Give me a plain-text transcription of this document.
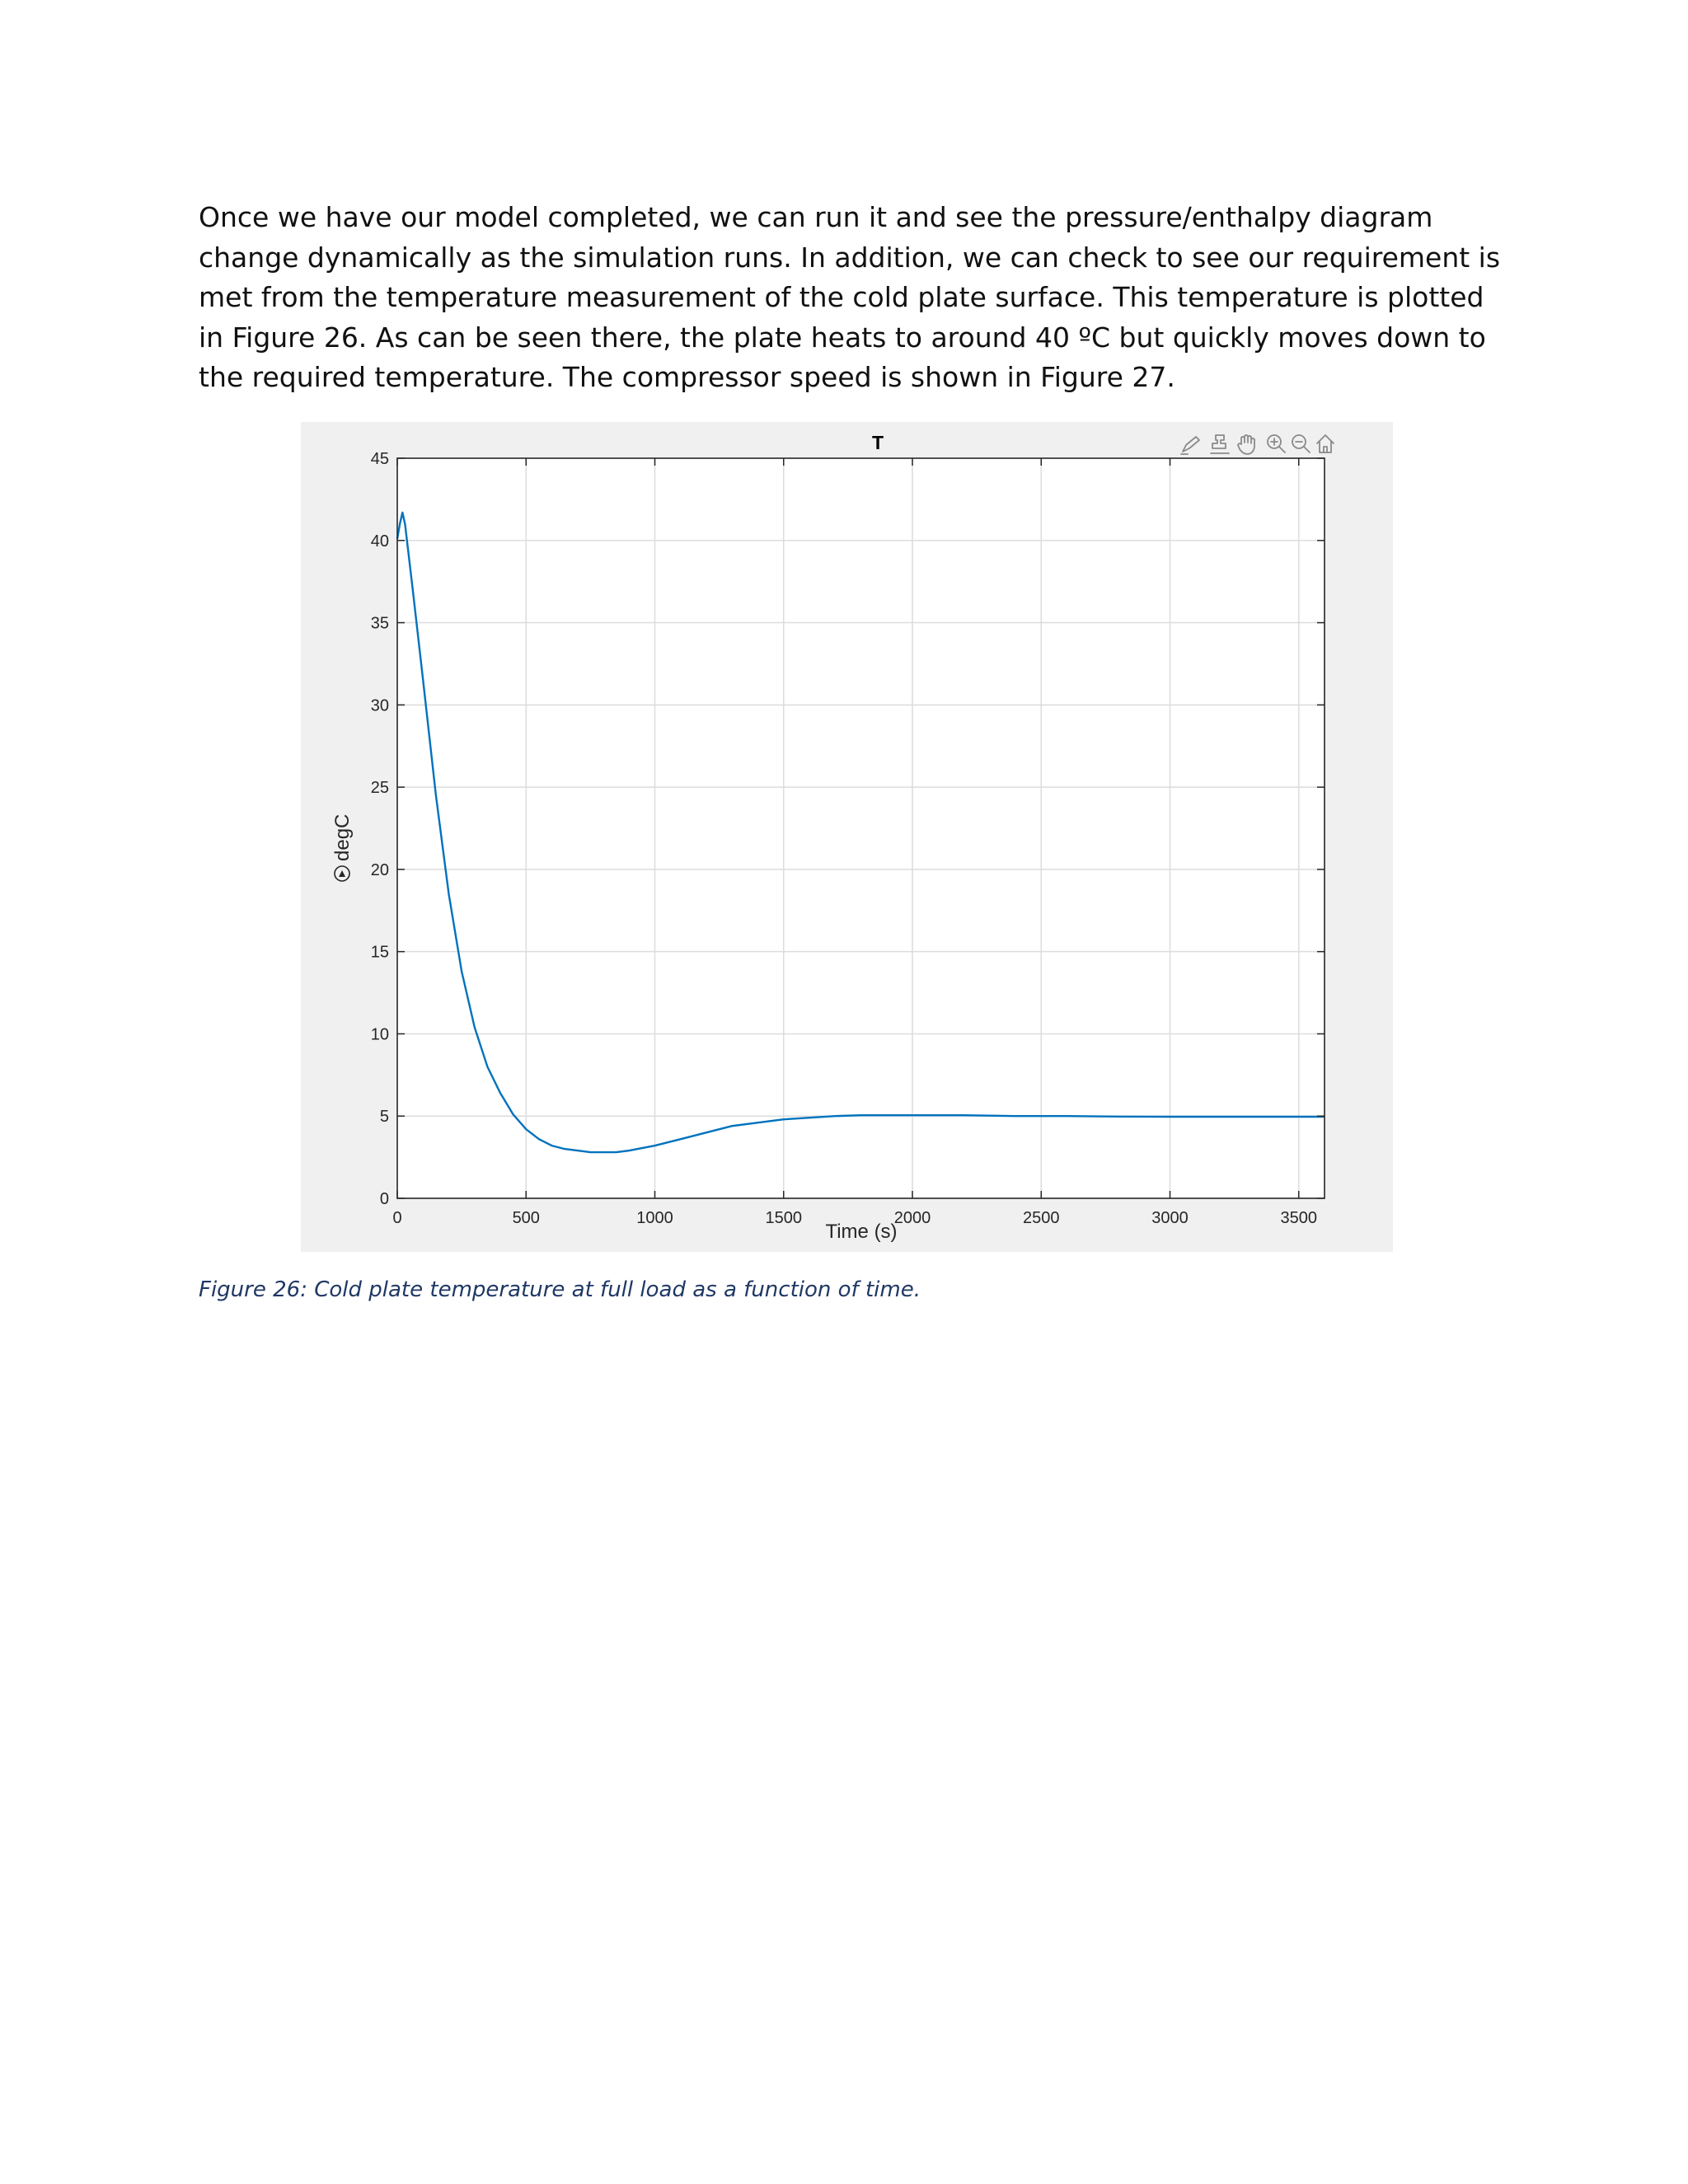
Once we have our model completed, we can run it and see the pressure/enthalpy diagram change dynamically as the simulation runs. In addition, we can check to see our requirement is met from the temperature measurement of the cold plate surface. This temperature is plotted in Figure 26. As can be seen there, the plate heats to around 40 ºC but quickly moves down to the required temperature. The compressor speed is shown in Figure 27.

0	500	1000	1500	2000	2500	3000	3500
0
5
10
15
20
25
30
35
40
45
T
Time (s)
degC

Figure 26: Cold plate temperature at full load as a function of time.
